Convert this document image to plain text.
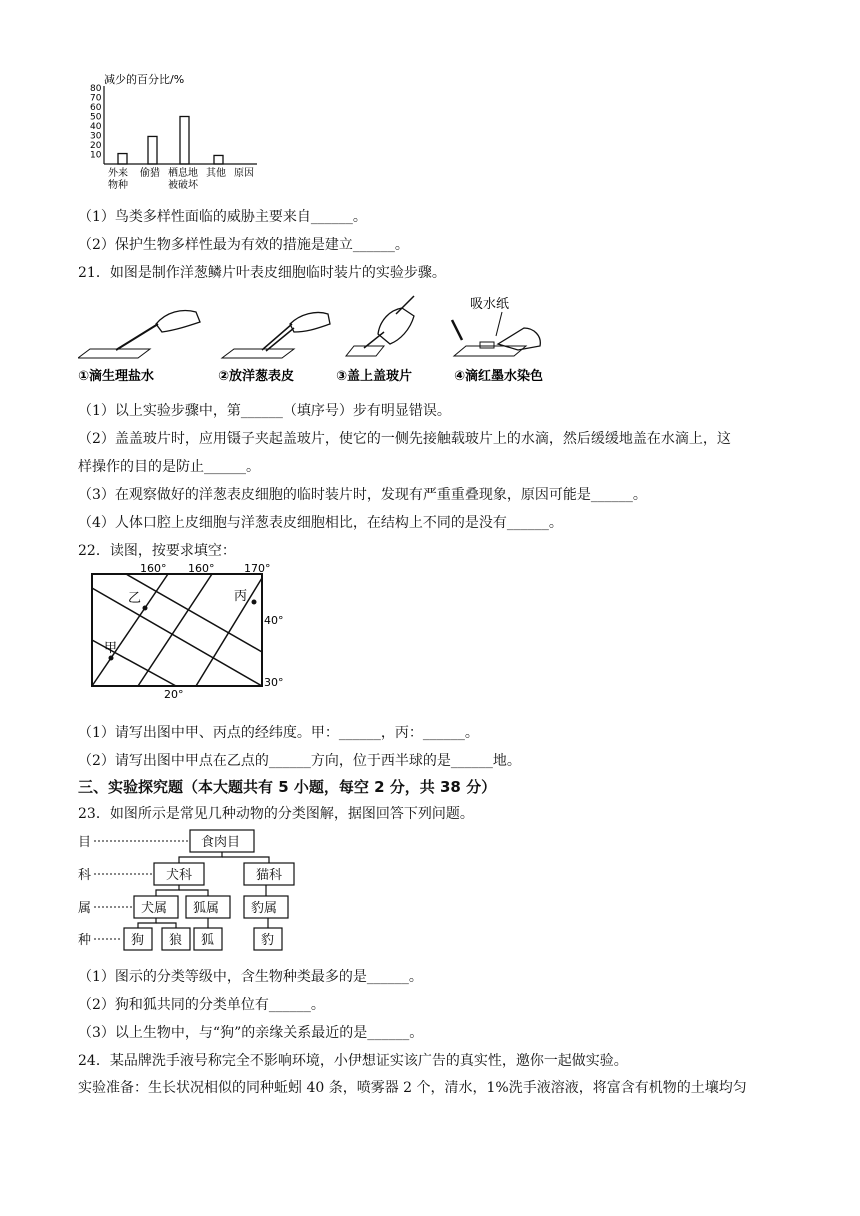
减少的百分比/%
80
70
60
50
40
30
20
10
外来
物种
偷猎 栖息地
被破坏
其他 原因
（1）鸟类多样性面临的威胁主要来自______。
（2）保护生物多样性最为有效的措施是建立______。
21．如图是制作洋葱鳞片叶表皮细胞临时装片的实验步骤。
吸水纸
①滴生理盐水	②放洋葱表皮	③盖上盖玻片	④滴红墨水染色
（1）以上实验步骤中，第______（填序号）步有明显错误。
（2）盖盖玻片时，应用镊子夹起盖玻片，使它的一侧先接触载玻片上的水滴，然后缓缓地盖在水滴上，这
样操作的目的是防止______。
（3）在观察做好的洋葱表皮细胞的临时装片时，发现有严重重叠现象，原因可能是______。
（4）人体口腔上皮细胞与洋葱表皮细胞相比，在结构上不同的是没有______。
22．读图，按要求填空：
160° 160°	170°
40°
30°
20°
乙	丙
甲
（1）请写出图中甲、丙点的经纬度。甲：______，丙：______。
（2）请写出图中甲点在乙点的______方向，位于西半球的是______地。
三、实验探究题（本大题共有 5 小题，每空 2 分，共 38 分）
23．如图所示是常见几种动物的分类图解，据图回答下列问题。
目
科
属
种
食肉目
犬科	猫科
犬属 狐属 豹属
狗 狼 狐	豹
（1）图示的分类等级中，含生物种类最多的是______。
（2）狗和狐共同的分类单位有______。
（3）以上生物中，与“狗”的亲缘关系最近的是______。
24．某品牌洗手液号称完全不影响环境，小伊想证实该广告的真实性，邀你一起做实验。
实验准备：生长状况相似的同种蚯蚓 40 条，喷雾器 2 个，清水，1%洗手液溶液，将富含有机物的土壤均匀
